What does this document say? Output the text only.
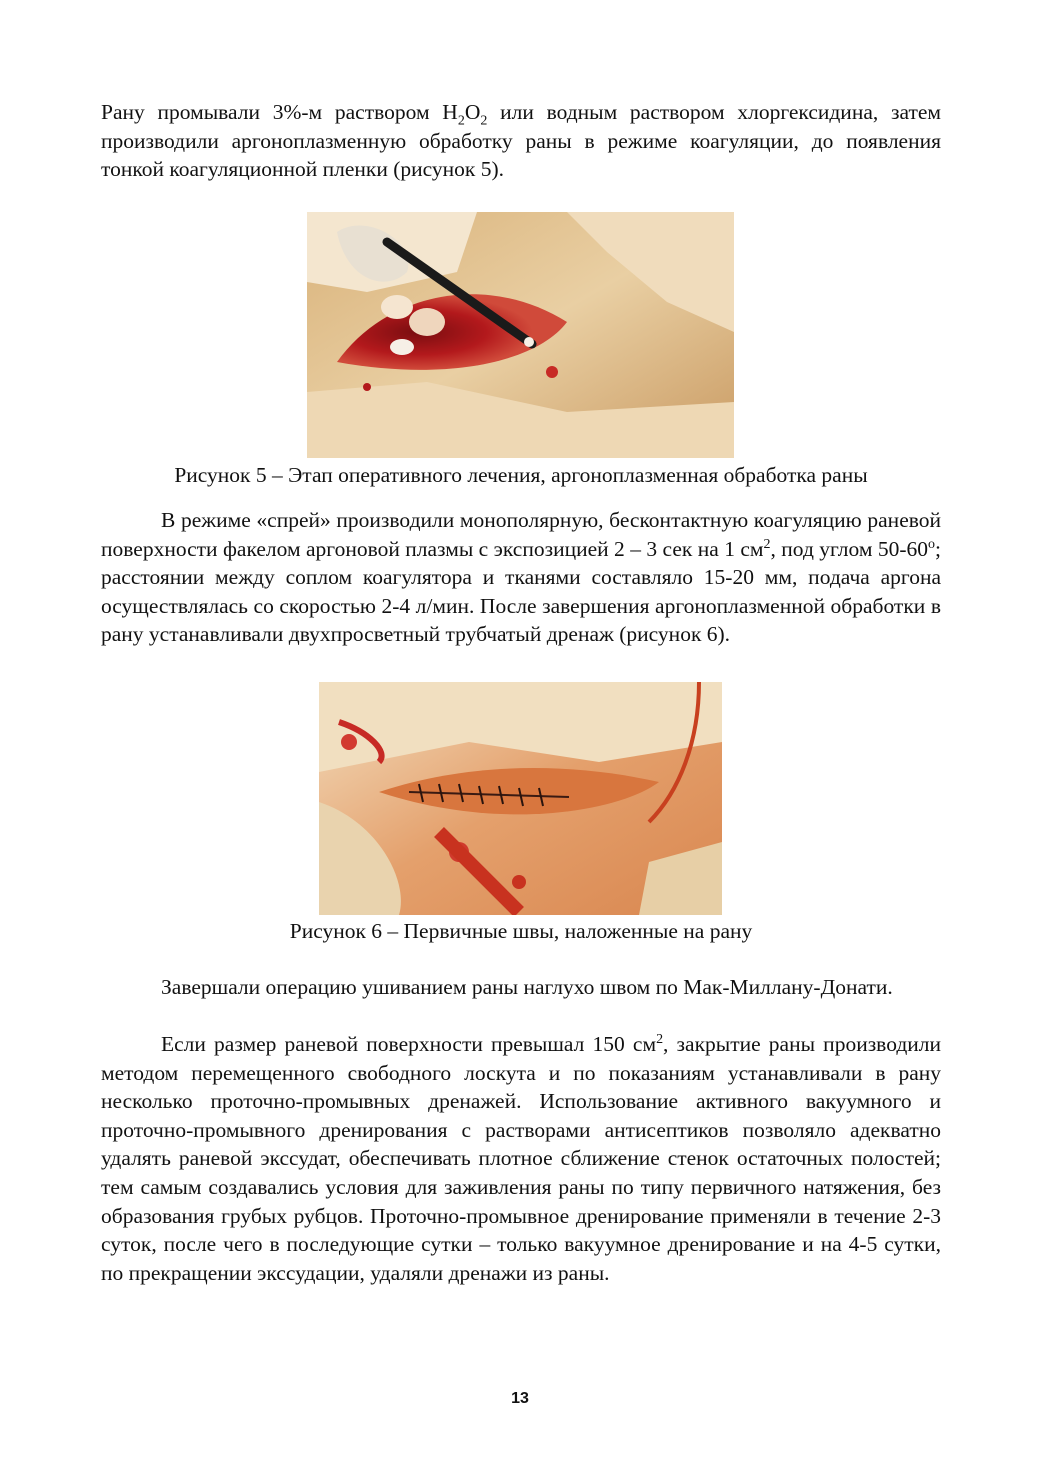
Рану промывали 3%-м раствором $H_2O_2$ или водным раствором хлоргексидина, затем производили аргоноплазменную обработку раны в режиме коагуляции, до появления тонкой коагуляционной пленки (рисунок 5).

Рисунок 5 – Этап оперативного лечения, аргоноплазменная обработка раны

В режиме «спрей» производили монополярную, бесконтактную коагуляцию раневой поверхности факелом аргоновой плазмы с экспозицией 2 – 3 сек на 1 $см^2$, под углом 50-60$^o$; расстоянии между соплом коагулятора и тканями составляло 15-20 мм, подача аргона осуществлялась со скоростью 2-4 л/мин. После завершения аргоноплазменной обработки в рану устанавливали двухпросветный трубчатый дренаж (рисунок 6).

Рисунок 6 – Первичные швы, наложенные на рану

Завершали операцию ушиванием раны наглухо швом по Мак-Миллану-Донати.

Если размер раневой поверхности превышал 150 $см^2$, закрытие раны производили методом перемещенного свободного лоскута и по показаниям устанавливали в рану несколько проточно-промывных дренажей. Использование активного вакуумного и проточно-промывного дренирования с растворами антисептиков позволяло адекватно удалять раневой экссудат, обеспечивать плотное сближение стенок остаточных полостей; тем самым создавались условия для заживления раны по типу первичного натяжения, без образования грубых рубцов. Проточно-промывное дренирование применяли в течение 2-3 суток, после чего в последующие сутки – только вакуумное дренирование и на 4-5 сутки, по прекращении экссудации, удаляли дренажи из раны.

13
